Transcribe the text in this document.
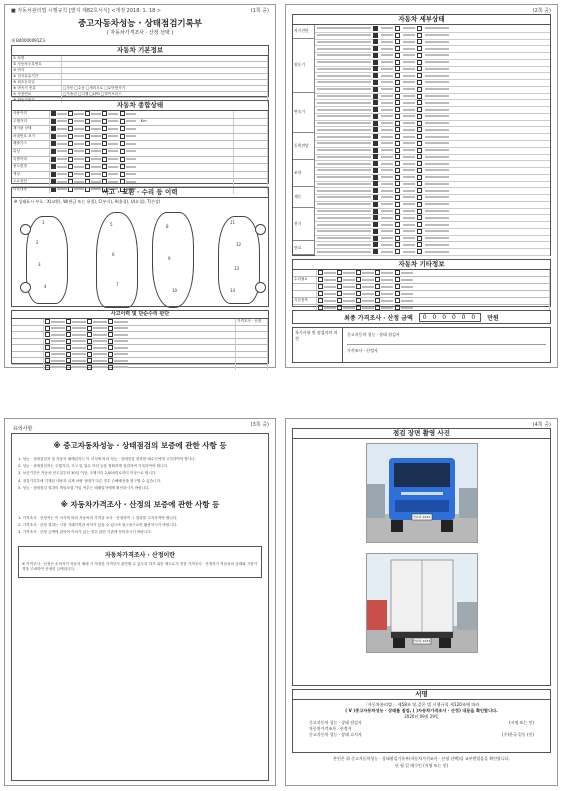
■ 자동차관리법 시행규칙 [별지 제82호서식] <개정 2018. 1. 18.>	(1쪽 중)
중고자동차성능 · 상태점검기록부
( 자동차가격조사 · 산정 선택 )
제 B40000091Z호
자동차 기본정보
① 차명
② 자동차등록번호
③ 연식
④ 검사유효기간
⑤ 최초등록일
⑥ 변속기 종류	□자동 □수동 □세미오토 □무단변속기
⑦ 사용연료	□가솔린 □디젤 □LPG □하이브리드
⑧ 원동기형식
자동차 종합상태
사용이력

주행거리	Km
계기판 상태

차대번호 표기

배출가스

튜닝

특별이력

용도변경

색상

주요옵션

리콜대상
	사고 · 교환 · 수리 등 이력
※ 상태표시 부호 : X(교환), W(판금 또는 용접), C(부식), A(흠집), U(요철), T(손상)
1
2
3
4
5
6
7
8
9
10
11
12
13
14
사고이력 및 단순수리 판단

가격조사 · 산정

(2쪽 중)
자동차 세부상태
자기진단
원동기
변속기
동력전달
조향
제동
전기
연료
자동차 기타정보

수리필요

기본품목

최종 가격조사 · 산정 금액	0 0 0 0 0 0	만원
특기사항 및 점검자의 의견
중고자동차 성능 · 상태 점검자
가격조사 · 산정자
(3쪽 중)
유의사항
※ 중고자동차성능 · 상태점검의 보증에 관한 사항 등

1. 성능 · 상태점검자 및 자동차 매매업자는 이 서식에 따라 성능 · 상태점검 결과를 매수인에게 고지하여야 합니다.

2. 성능 · 상태점검자는 주행거리, 사고 및 침수 이력 등을 정확하게 점검하여 기록하여야 합니다.

3. 보증기간은 자동차 인도일부터 30일 이상, 주행거리 2,000킬로미터 이상으로 합니다.

4. 점검기록부에 기재된 내용과 실제 차량 상태가 다른 경우 손해배상을 청구할 수 있습니다.

5. 성능 · 상태점검 결과의 책임보험 가입 여부는 매매업자에게 확인하시기 바랍니다.

※ 자동차가격조사 · 산정의 보증에 관한 사항 등

1. 가격조사 · 산정자는 이 서식에 따라 자동차의 가격을 조사 · 산정하여 그 결과를 고지하여야 합니다.

2. 가격조사 · 산정 결과는 시장 거래가격과 차이가 있을 수 있으며 참고용으로만 활용하시기 바랍니다.

3. 가격조사 · 산정 금액에 관하여 이의가 있는 경우 관련 기관에 문의하시기 바랍니다.

자동차가격조사 · 산정이란
※ 가격조사 · 산정은 소비자가 자동차 매매 시 적정한 가격인지 판단할 수 있도록 하기 위한 제도로서 전문 가격조사 · 산정자가 자동차의 상태와 시장가격을 고려하여 산정한 금액입니다.
(4쪽 중)
점검 장면 촬영 사진
가나다 1234
가나다 1234
서명
「자동차관리법」 제58조 및 같은 법 시행규칙 제120조에 따라
( V )중고자동차성능 · 상태를 점검, ( )자동차가격조사 · 산정) 내용을 확인합니다.
2020년 09월 29일
중고자동차 성능 · 상태 점검자	(서명 또는 인)
자동차가격조사 · 산정자
중고자동차 성능 · 상태 고지자	(주)한국 일동 (인)
본인은 위 중고자동차성능 · 상태점검기록부(자동차가격조사 · 산정 선택)를 교부받았음을 확인합니다.
년 월 일 매수인 (서명 또는 인)
